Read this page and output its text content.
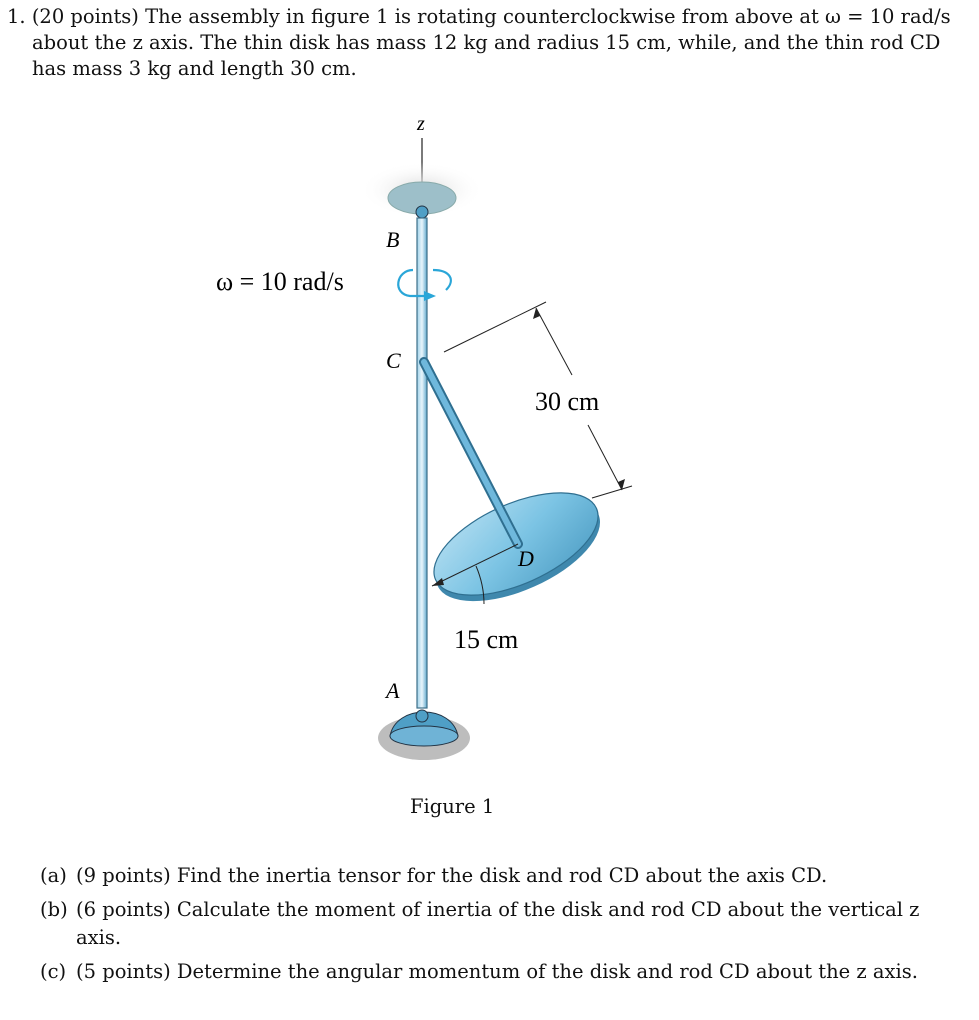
1. (20 points) The assembly in figure 1 is rotating counterclockwise from above at ω = 10 rad/s
about the z axis. The thin disk has mass 12 kg and radius 15 cm, while, and the thin rod CD
has mass 3 kg and length 30 cm.
z
B
ω = 10 rad/s
C
30 cm
15 cm
D
A
Figure 1
(a) (9 points) Find the inertia tensor for the disk and rod CD about the axis CD.
(b) (6 points) Calculate the moment of inertia of the disk and rod CD about the vertical z axis.
(c) (5 points) Determine the angular momentum of the disk and rod CD about the z axis.
